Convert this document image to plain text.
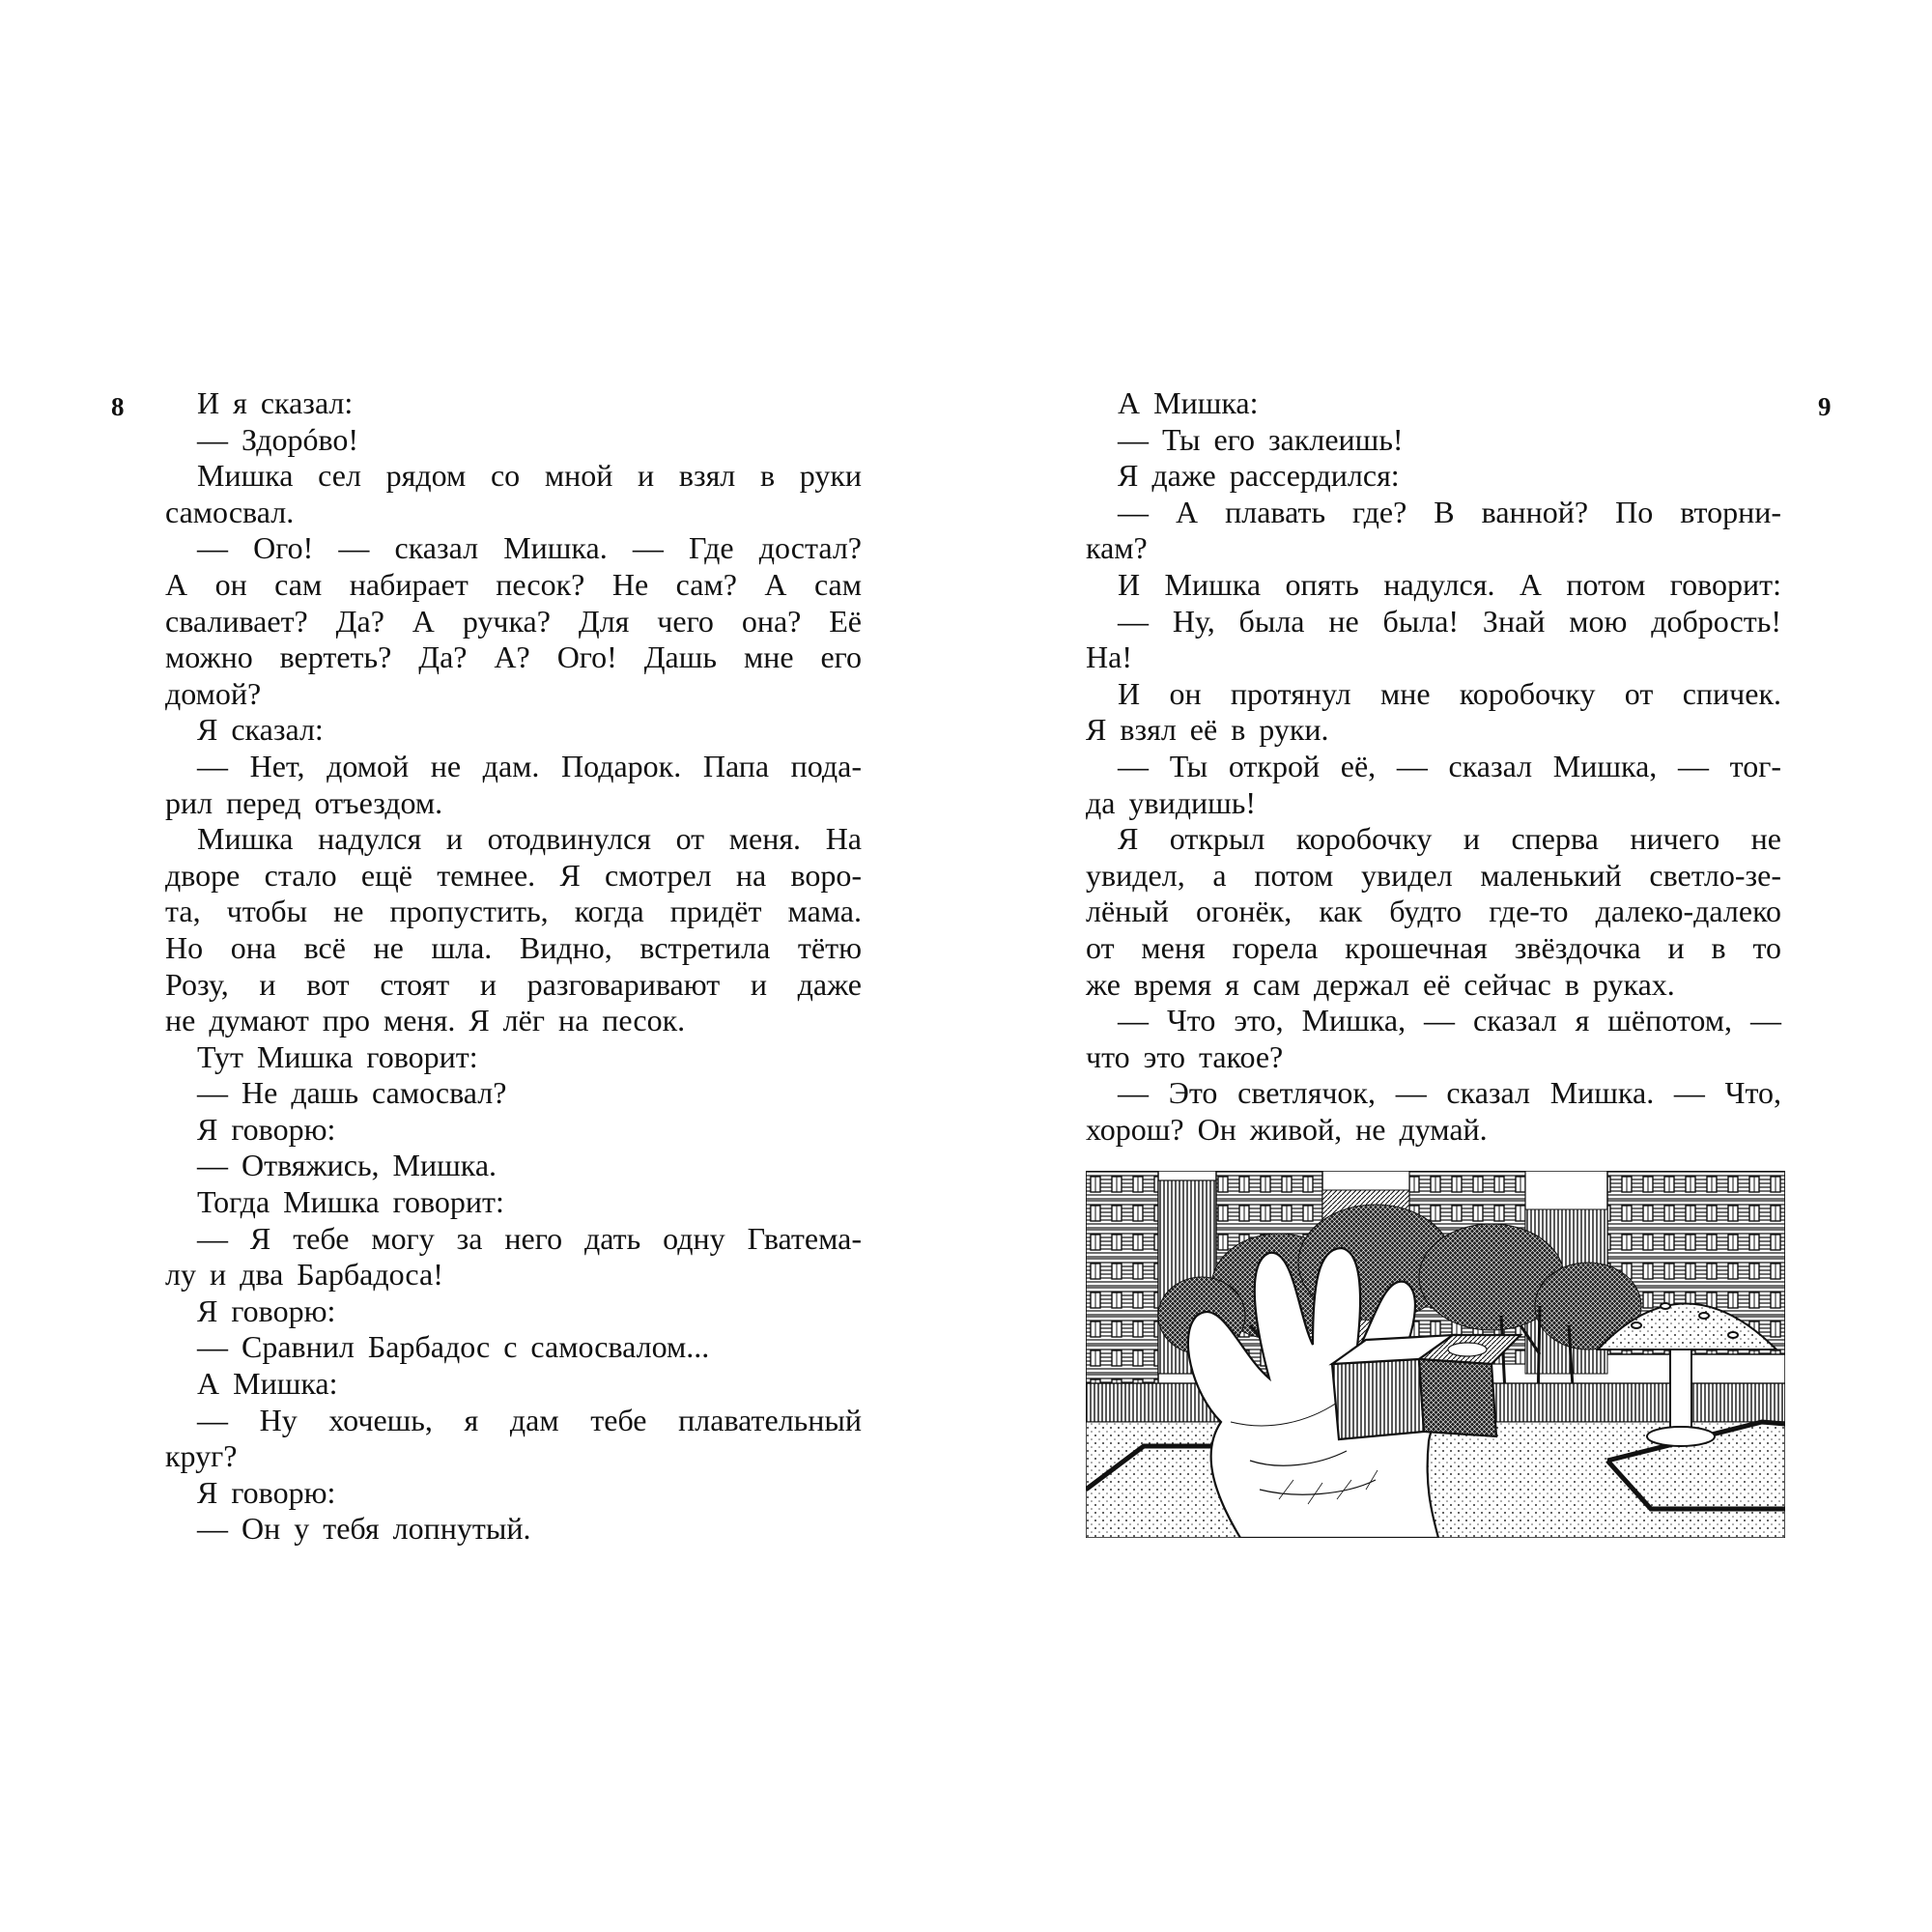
8	И я сказал:
— Здорóво!
Мишка сел рядом со мной и взял в руки
самосвал.
— Ого! — сказал Мишка. — Где достал?
А он сам набирает песок? Не сам? А сам
сваливает? Да? А ручка? Для чего она? Её
можно вертеть? Да? А? Ого! Дашь мне его
домой?
Я сказал:
— Нет, домой не дам. Подарок. Папа пода-
рил перед отъездом.
Мишка надулся и отодвинулся от меня. На
дворе стало ещё темнее. Я смотрел на воро-
та, чтобы не пропустить, когда придёт мама.
Но она всё не шла. Видно, встретила тётю
Розу, и вот стоят и разговаривают и даже
не думают про меня. Я лёг на песок.
Тут Мишка говорит:
— Не дашь самосвал?
Я говорю:
— Отвяжись, Мишка.
Тогда Мишка говорит:
— Я тебе могу за него дать одну Гватема-
лу и два Барбадоса!
Я говорю:
— Сравнил Барбадос с самосвалом...
А Мишка:
— Ну хочешь, я дам тебе плавательный
круг?
Я говорю:
— Он у тебя лопнутый.
9
А Мишка:
— Ты его заклеишь!
Я даже рассердился:
— А плавать где? В ванной? По вторни-
кам?
И Мишка опять надулся. А потом говорит:
— Ну, была не была! Знай мою добрость!
На!
И он протянул мне коробочку от спичек.
Я взял её в руки.
— Ты открой её, — сказал Мишка, — тог-
да увидишь!
Я открыл коробочку и сперва ничего не
увидел, а потом увидел маленький светло-зе-
лёный огонёк, как будто где-то далеко-далеко
от меня горела крошечная звёздочка и в то
же время я сам держал её сейчас в руках.
— Что это, Мишка, — сказал я шёпотом, —
что это такое?
— Это светлячок, — сказал Мишка. — Что,
хорош? Он живой, не думай.
